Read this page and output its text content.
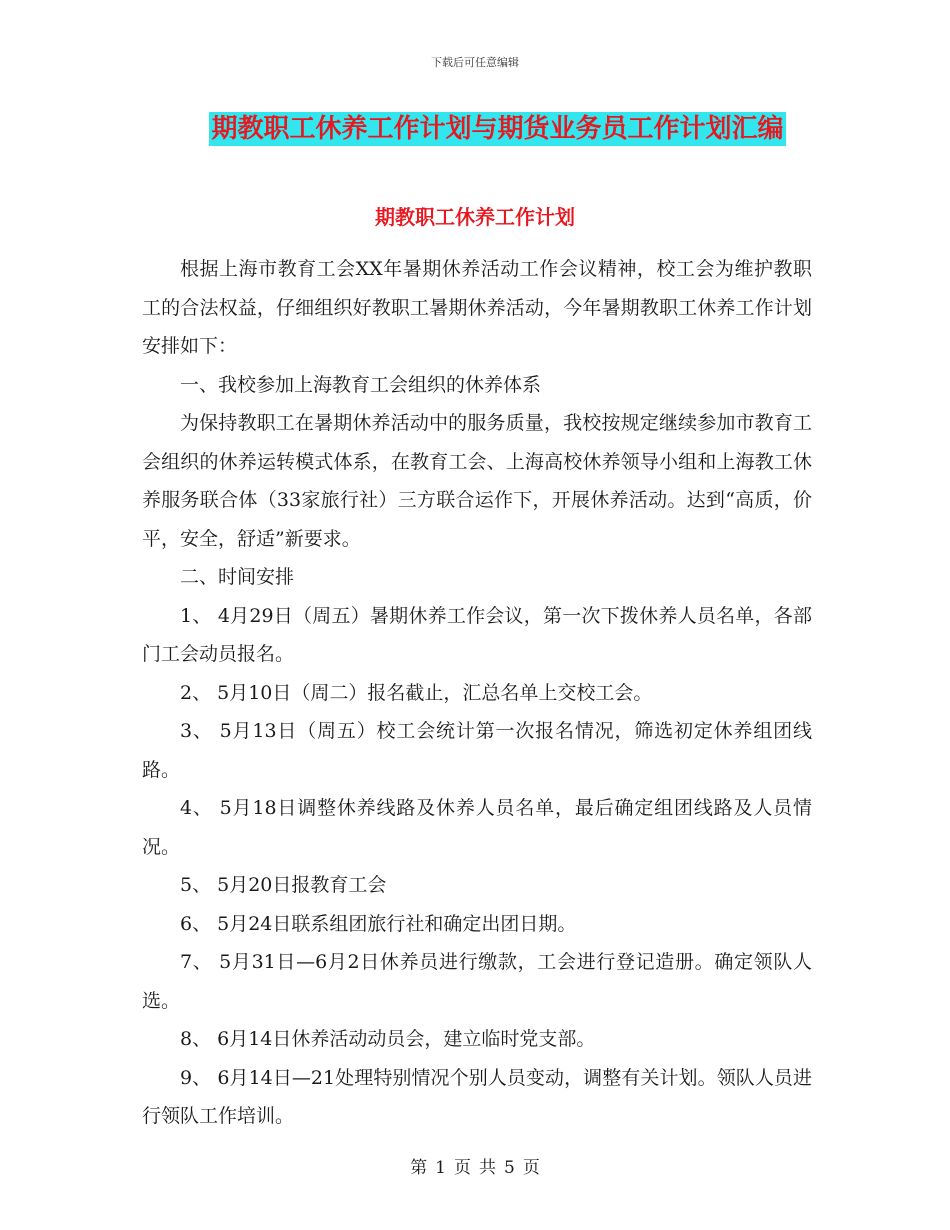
下载后可任意编辑
期教职工休养工作计划与期货业务员工作计划汇编
期教职工休养工作计划

根据上海市教育工会XX年暑期休养活动工作会议精神，校工会为维护教职工的合法权益，仔细组织好教职工暑期休养活动，今年暑期教职工休养工作计划安排如下：

一、我校参加上海教育工会组织的休养体系

为保持教职工在暑期休养活动中的服务质量，我校按规定继续参加市教育工会组织的休养运转模式体系，在教育工会、上海高校休养领导小组和上海教工休养服务联合体（33家旅行社）三方联合运作下，开展休养活动。达到“高质，价平，安全，舒适”新要求。

二、时间安排

1、 4月29日（周五）暑期休养工作会议，第一次下拨休养人员名单，各部门工会动员报名。

2、 5月10日（周二）报名截止，汇总名单上交校工会。

3、 5月13日（周五）校工会统计第一次报名情况，筛选初定休养组团线路。

4、 5月18日调整休养线路及休养人员名单，最后确定组团线路及人员情况。

5、 5月20日报教育工会

6、 5月24日联系组团旅行社和确定出团日期。

7、 5月31日—6月2日休养员进行缴款，工会进行登记造册。确定领队人选。

8、 6月14日休养活动动员会，建立临时党支部。

9、 6月14日—21处理特别情况个别人员变动，调整有关计划。领队人员进行领队工作培训。

第 1 页 共 5 页
